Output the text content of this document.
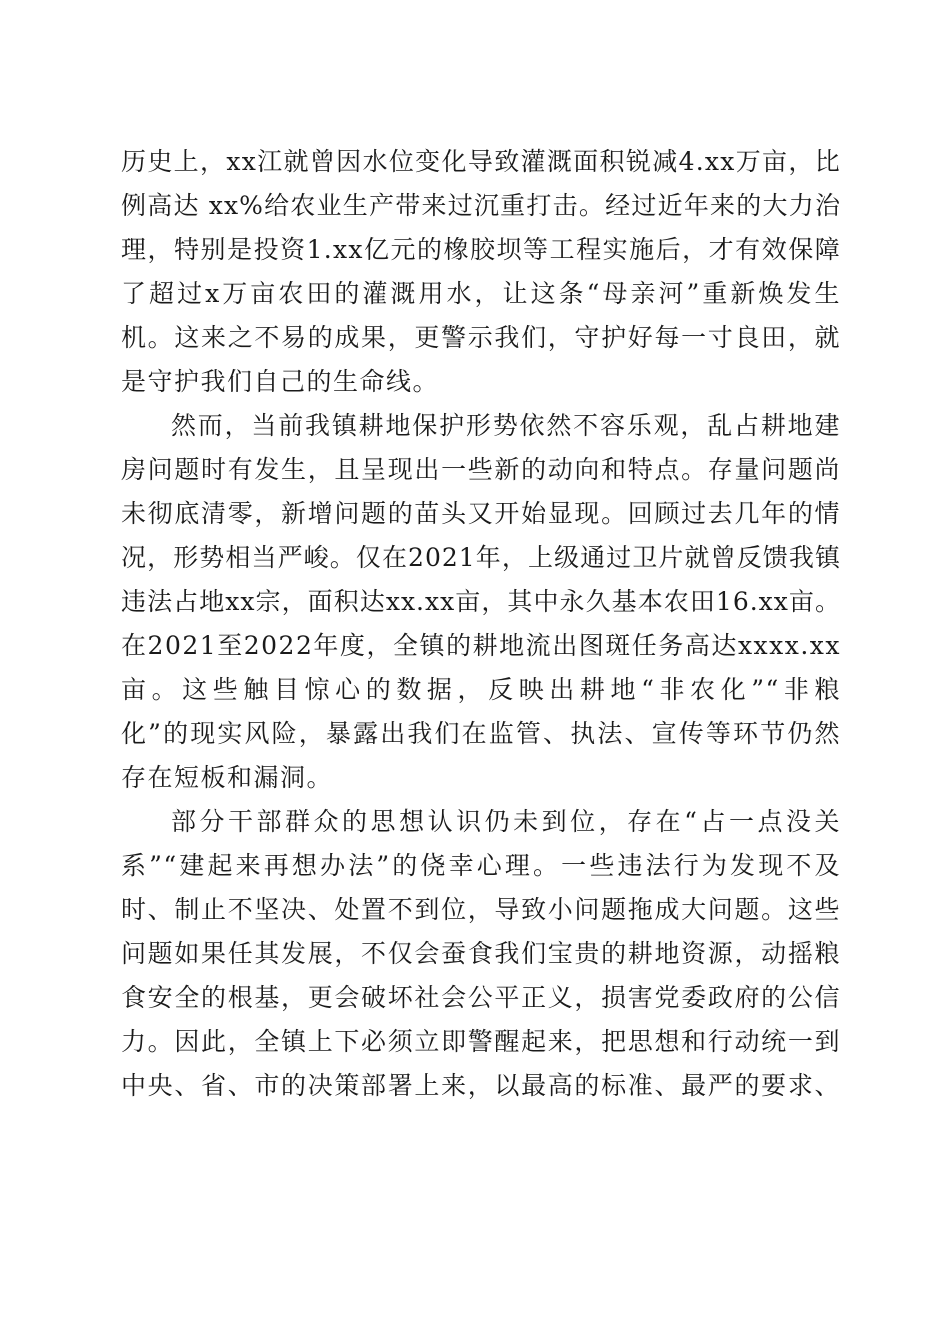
历史上，xx江就曾因水位变化导致灌溉面积锐减4.xx万亩，比
例高达 xx%给农业生产带来过沉重打击。经过近年来的大力治
理，特别是投资1.xx亿元的橡胶坝等工程实施后，才有效保障
了超过x万亩农田的灌溉用水，让这条“母亲河”重新焕发生
机。这来之不易的成果，更警示我们，守护好每一寸良田，就
是守护我们自己的生命线。
然而，当前我镇耕地保护形势依然不容乐观，乱占耕地建
房问题时有发生，且呈现出一些新的动向和特点。存量问题尚
未彻底清零，新增问题的苗头又开始显现。回顾过去几年的情
况，形势相当严峻。仅在2021年，上级通过卫片就曾反馈我镇
违法占地xx宗，面积达xx.xx亩，其中永久基本农田16.xx亩。
在2021至2022年度，全镇的耕地流出图斑任务高达xxxx.xx
亩。这些触目惊心的数据，反映出耕地“非农化”“非粮
化”的现实风险，暴露出我们在监管、执法、宣传等环节仍然
存在短板和漏洞。
部分干部群众的思想认识仍未到位，存在“占一点没关
系”“建起来再想办法”的侥幸心理。一些违法行为发现不及
时、制止不坚决、处置不到位，导致小问题拖成大问题。这些
问题如果任其发展，不仅会蚕食我们宝贵的耕地资源，动摇粮
食安全的根基，更会破坏社会公平正义，损害党委政府的公信
力。因此，全镇上下必须立即警醒起来，把思想和行动统一到
中央、省、市的决策部署上来，以最高的标准、最严的要求、
